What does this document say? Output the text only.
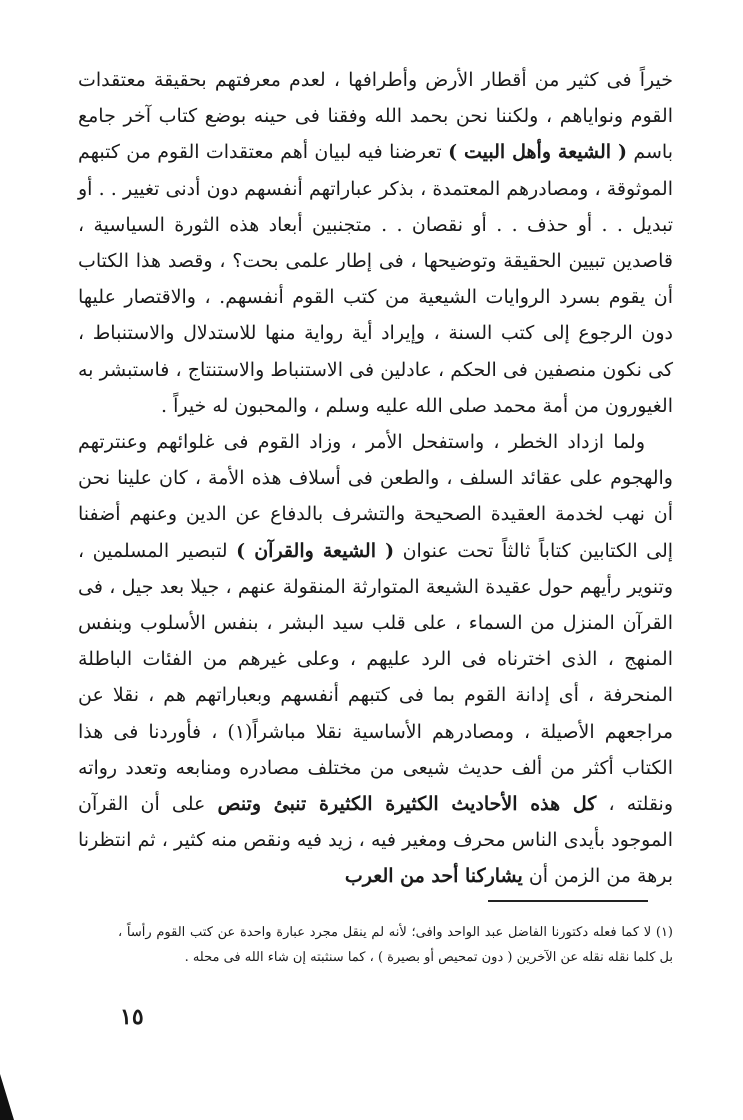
خيراً فى كثير من أقطار الأرض وأطرافها ، لعدم معرفتهم بحقيقة معتقدات القوم ونواياهم ، ولكننا نحن بحمد الله وفقنا فى حينه بوضع كتاب آخر جامع باسم ( الشيعة وأهل البيت ) تعرضنا فيه لبيان أهم معتقدات القوم من كتبهم الموثوقة ، ومصادرهم المعتمدة ، بذكر عباراتهم أنفسهم دون أدنى تغيير . . أو تبديل . . أو حذف . . أو نقصان . . متجنبين أبعاد هذه الثورة السياسية ، قاصدين تبيين الحقيقة وتوضيحها ، فى إطار علمى بحت؟ ، وقصد هذا الكتاب أن يقوم بسرد الروايات الشيعية من كتب القوم أنفسهم. ، والاقتصار عليها دون الرجوع إلى كتب السنة ، وإيراد أية رواية منها للاستدلال والاستنباط ، كى نكون منصفين فى الحكم ، عادلين فى الاستنباط والاستنتاج ، فاستبشر به الغيورون من أمة محمد صلى الله عليه وسلم ، والمحبون له خيراً .

ولما ازداد الخطر ، واستفحل الأمر ، وزاد القوم فى غلوائهم وعنترتهم والهجوم على عقائد السلف ، والطعن فى أسلاف هذه الأمة ، كان علينا نحن أن نهب لخدمة العقيدة الصحيحة والتشرف بالدفاع عن الدين وعنهم أضفنا إلى الكتابين كتاباً ثالثاً تحت عنوان ( الشيعة والقرآن ) لتبصير المسلمين ، وتنوير رأيهم حول عقيدة الشيعة المتوارثة المنقولة عنهم ، جيلا بعد جيل ، فى القرآن المنزل من السماء ، على قلب سيد البشر ، بنفس الأسلوب وبنفس المنهج ، الذى اخترناه فى الرد عليهم ، وعلى غيرهم من الفئات الباطلة المنحرفة ، أى إدانة القوم بما فى كتبهم أنفسهم وبعباراتهم هم ، نقلا عن مراجعهم الأصيلة ، ومصادرهم الأساسية نقلا مباشراً(١) ، فأوردنا فى هذا الكتاب أكثر من ألف حديث شيعى من مختلف مصادره ومنابعه وتعدد رواته ونقلته ، كل هذه الأحاديث الكثيرة الكثيرة تنبئ وتنص على أن القرآن الموجود بأيدى الناس محرف ومغير فيه ، زيد فيه ونقص منه كثير ، ثم انتظرنا برهة من الزمن أن يشاركنا أحد من العرب

(١) لا كما فعله دكتورنا الفاضل عبد الواحد وافى؛ لأنه لم ينقل مجرد عبارة واحدة عن كتب القوم رأساً ، بل كلما نقله نقله عن الآخرين ( دون تمحيص أو بصيرة ) ، كما سنثبته إن شاء الله فى محله .

١٥
